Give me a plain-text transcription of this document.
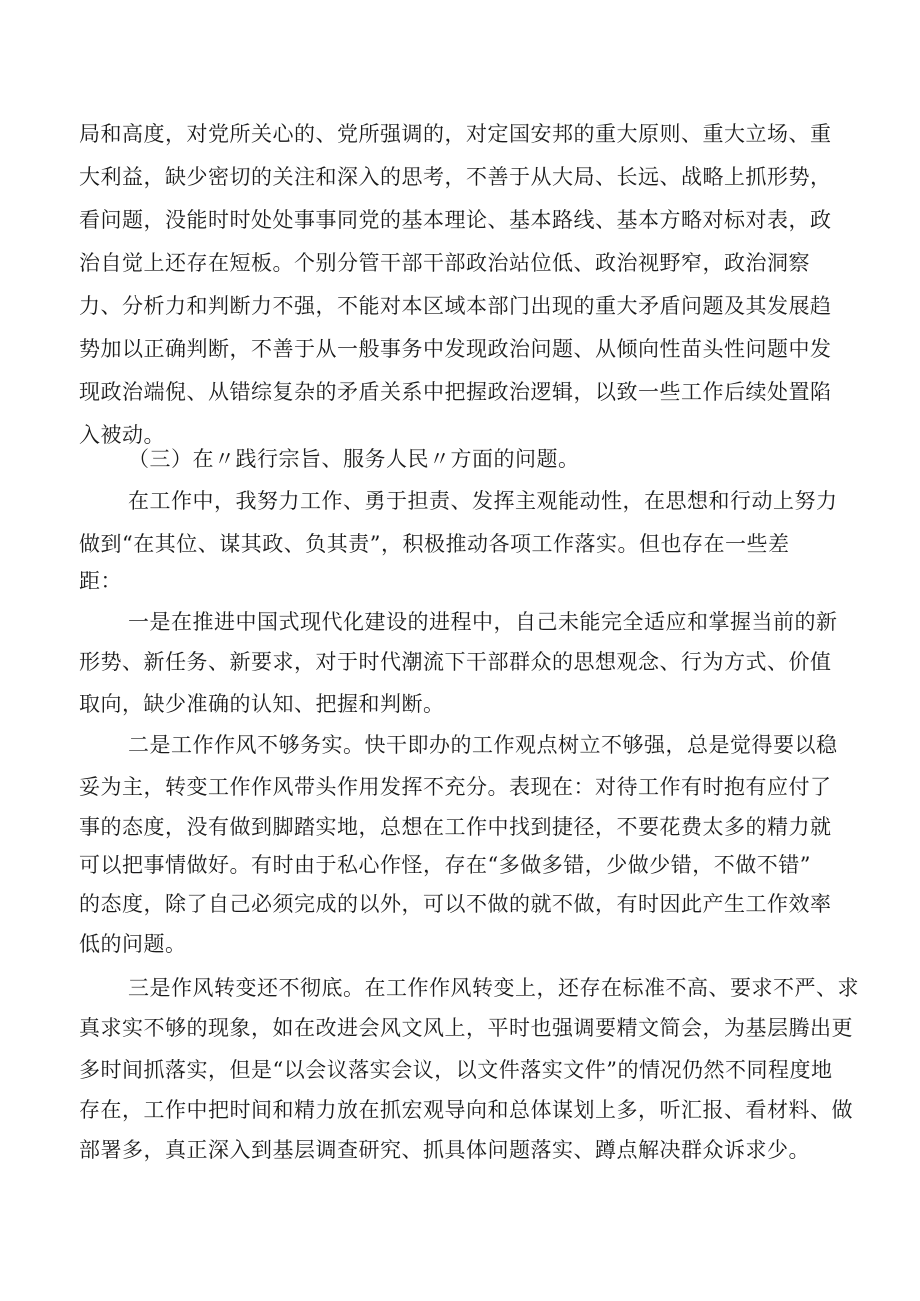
局和高度，对党所关心的、党所强调的，对定国安邦的重大原则、重大立场、重
大利益，缺少密切的关注和深入的思考，不善于从大局、长远、战略上抓形势，
看问题，没能时时处处事事同党的基本理论、基本路线、基本方略对标对表，政
治自觉上还存在短板。个别分管干部干部政治站位低、政治视野窄，政治洞察
力、分析力和判断力不强，不能对本区域本部门出现的重大矛盾问题及其发展趋
势加以正确判断，不善于从一般事务中发现政治问题、从倾向性苗头性问题中发
现政治端倪、从错综复杂的矛盾关系中把握政治逻辑，以致一些工作后续处置陷
入被动。
（三）在〃践行宗旨、服务人民〃方面的问题。
在工作中，我努力工作、勇于担责、发挥主观能动性，在思想和行动上努力
做到“在其位、谋其政、负其责”，积极推动各项工作落实。但也存在一些差
距：
一是在推进中国式现代化建设的进程中，自己未能完全适应和掌握当前的新
形势、新任务、新要求，对于时代潮流下干部群众的思想观念、行为方式、价值
取向，缺少准确的认知、把握和判断。
二是工作作风不够务实。快干即办的工作观点树立不够强，总是觉得要以稳
妥为主，转变工作作风带头作用发挥不充分。表现在：对待工作有时抱有应付了
事的态度，没有做到脚踏实地，总想在工作中找到捷径，不要花费太多的精力就
可以把事情做好。有时由于私心作怪，存在“多做多错，少做少错，不做不错”
的态度，除了自己必须完成的以外，可以不做的就不做，有时因此产生工作效率
低的问题。
三是作风转变还不彻底。在工作作风转变上，还存在标准不高、要求不严、求
真求实不够的现象，如在改进会风文风上，平时也强调要精文简会，为基层腾出更
多时间抓落实，但是“以会议落实会议，以文件落实文件”的情况仍然不同程度地
存在，工作中把时间和精力放在抓宏观导向和总体谋划上多，听汇报、看材料、做
部署多，真正深入到基层调查研究、抓具体问题落实、蹲点解决群众诉求少。
